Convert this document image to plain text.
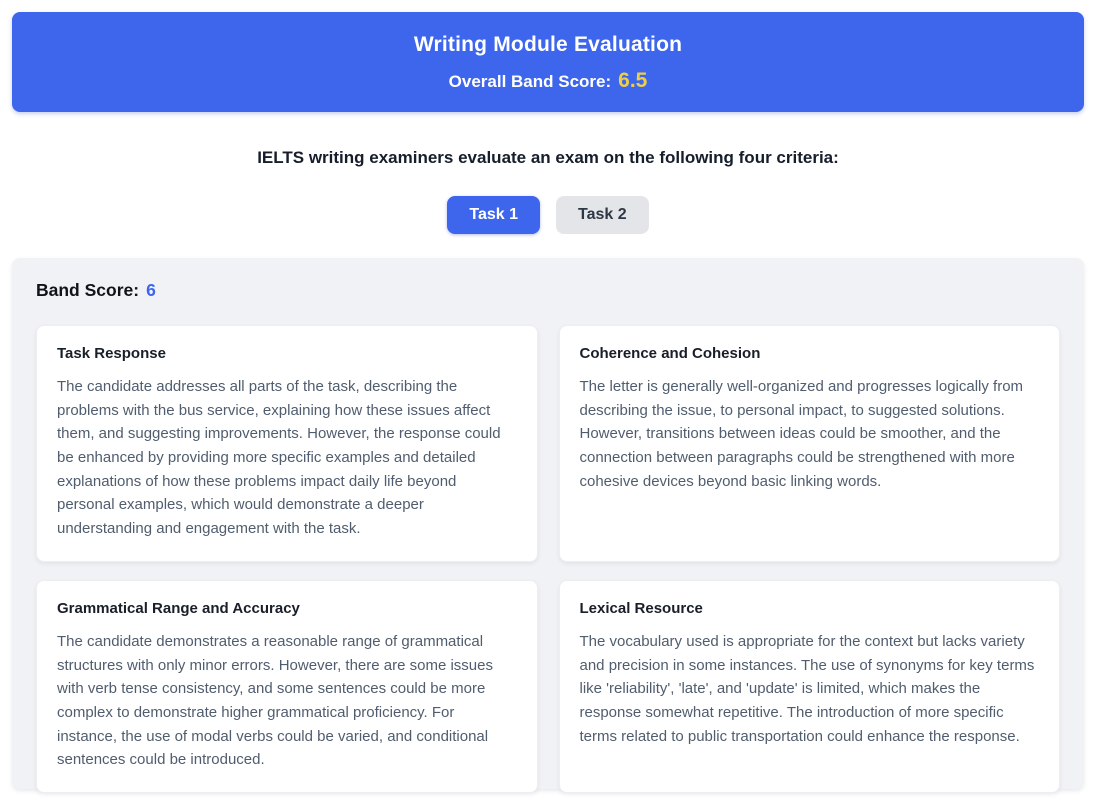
Writing Module Evaluation
Overall Band Score: 6.5
IELTS writing examiners evaluate an exam on the following four criteria:
Task 1	Task 2
Band Score: 6
Task Response
The candidate addresses all parts of the task, describing the problems with the bus service, explaining how these issues affect them, and suggesting improvements. However, the response could be enhanced by providing more specific examples and detailed explanations of how these problems impact daily life beyond personal examples, which would demonstrate a deeper understanding and engagement with the task.
Coherence and Cohesion
The letter is generally well-organized and progresses logically from describing the issue, to personal impact, to suggested solutions. However, transitions between ideas could be smoother, and the connection between paragraphs could be strengthened with more cohesive devices beyond basic linking words.
Grammatical Range and Accuracy
The candidate demonstrates a reasonable range of grammatical structures with only minor errors. However, there are some issues with verb tense consistency, and some sentences could be more complex to demonstrate higher grammatical proficiency. For instance, the use of modal verbs could be varied, and conditional sentences could be introduced.
Lexical Resource
The vocabulary used is appropriate for the context but lacks variety and precision in some instances. The use of synonyms for key terms like 'reliability', 'late', and 'update' is limited, which makes the response somewhat repetitive. The introduction of more specific terms related to public transportation could enhance the response.
